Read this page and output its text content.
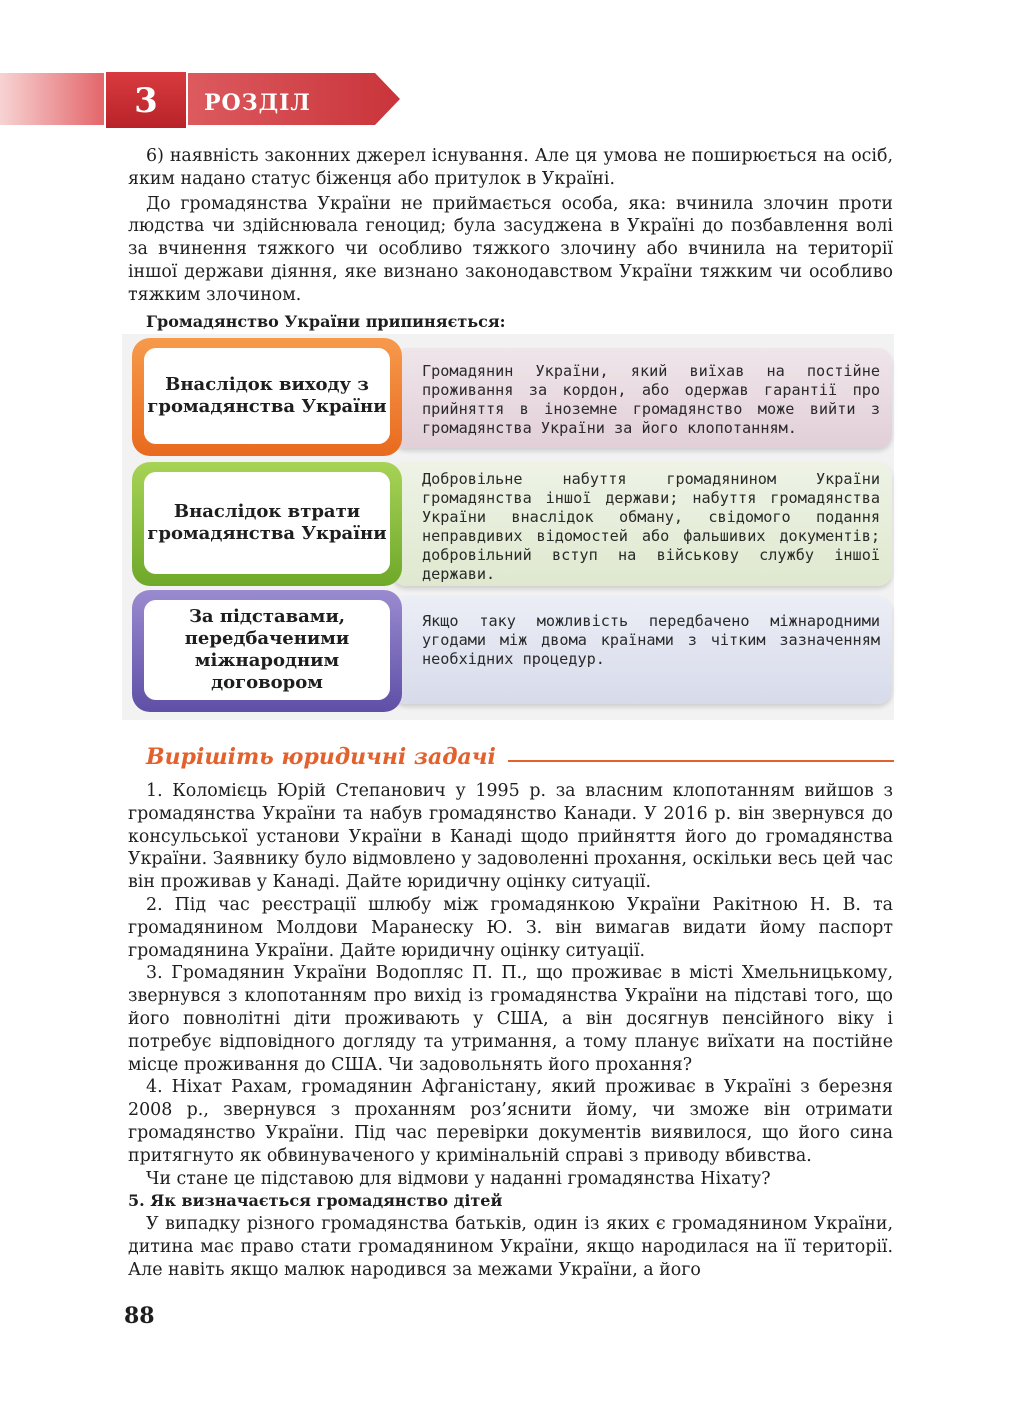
3	РОЗДІЛ

6) наявність законних джерел існування. Але ця умова не поширюється на осіб, яким надано статус біженця або притулок в Україні.

До громадянства України не приймається особа, яка: вчинила злочин проти людства чи здійснювала геноцид; була засуджена в Україні до позбавлення волі за вчинення тяжкого чи особливо тяжкого злочину або вчинила на території іншої держави діяння, яке визнано законодавством України тяжким чи особливо тяжким злочином.

Громадянство України припиняється:

Громадянин України, який виїхав на постійне проживання за кордон, або одержав гарантії про прийняття в іноземне громадянство може вийти з громадянства України за його клопотанням.
Внаслідок виходу з громадянства України
Добровільне набуття громадянином України громадянства іншої держави; набуття громадянства України внаслідок обману, свідомого подання неправдивих відомостей або фальшивих документів; добровільний вступ на військову службу іншої держави.
Внаслідок втрати громадянства України
Якщо таку можливість передбачено міжнародними угодами між двома країнами з чітким зазначенням необхідних процедур.
За підставами, передбаченими міжнародним договором
Вирішіть юридичні задачі

1. Коломієць Юрій Степанович у 1995 р. за власним клопотанням вийшов з громадянства України та набув громадянство Канади. У 2016 р. він звернувся до консульської установи України в Канаді щодо прийняття його до громадянства України. Заявнику було відмовлено у задоволенні прохання, оскільки весь цей час він проживав у Канаді. Дайте юридичну оцінку ситуації.

2. Під час реєстрації шлюбу між громадянкою України Ракітною Н. В. та громадянином Молдови Маранеску Ю. З. він вимагав видати йому паспорт громадянина України. Дайте юридичну оцінку ситуації.

3. Громадянин України Водопляс П. П., що проживає в місті Хмельницькому, звернувся з клопотанням про вихід із громадянства України на підставі того, що його повнолітні діти проживають у США, а він досягнув пенсійного віку і потребує відповідного догляду та утримання, а тому планує виїхати на постійне місце проживання до США. Чи задовольнять його прохання?

4. Ніхат Рахам, громадянин Афганістану, який проживає в Україні з березня 2008 р., звернувся з проханням роз’яснити йому, чи зможе він отримати громадянство України. Під час перевірки документів виявилося, що його сина притягнуто як обвинуваченого у кримінальній справі з приводу вбивства.

Чи стане це підставою для відмови у наданні громадянства Ніхату?

5. Як визначається громадянство дітей

У випадку різного громадянства батьків, один із яких є громадянином України, дитина має право стати громадянином України, якщо народилася на її території. Але навіть якщо малюк народився за межами України, а його

88
